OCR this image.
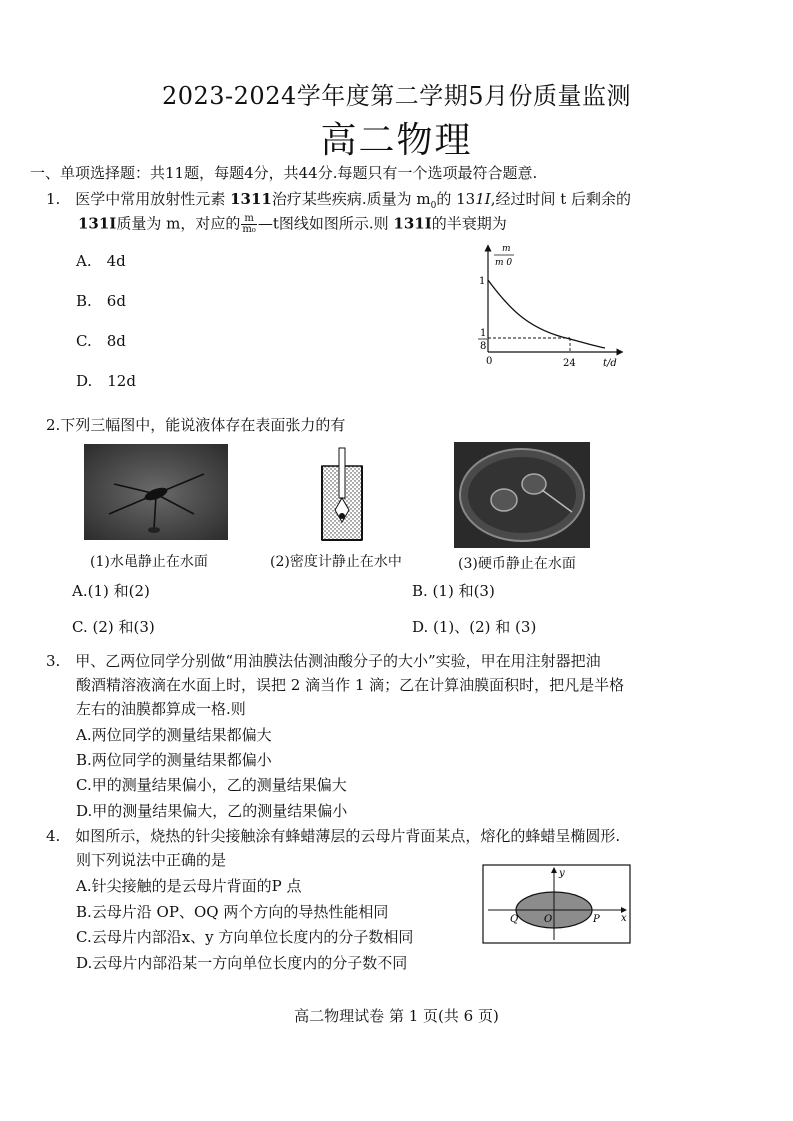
2023-2024学年度第二学期5月份质量监测
高二物理
一、单项选择题：共11题，每题4分，共44分.每题只有一个选项最符合题意.
1.　医学中常用放射性元素 1311治疗某些疾病.质量为 $m_0$的 131I,经过时间 t 后剩余的
131I质量为 m，对应的 $\frac{m}{\text{m₀}}$ —t图线如图所示.则 131I的半衰期为
A.　4d
B.　6d
C.　8d
D.　12d
m
m 0
1
1
8
0	24	t/d
2.下列三幅图中，能说液体存在表面张力的有
(1)水黾静止在水面	(2)密度计静止在水中	(3)硬币静止在水面
A.(1) 和(2)	B. (1) 和(3)
C. (2) 和(3)	D. (1)、(2) 和 (3)
3.　甲、乙两位同学分别做“用油膜法估测油酸分子的大小”实验，甲在用注射器把油
酸酒精溶液滴在水面上时，误把 2 滴当作 1 滴；乙在计算油膜面积时，把凡是半格
左右的油膜都算成一格.则
A.两位同学的测量结果都偏大
B.两位同学的测量结果都偏小
C.甲的测量结果偏小，乙的测量结果偏大
D.甲的测量结果偏大，乙的测量结果偏小
4.　如图所示，烧热的针尖接触涂有蜂蜡薄层的云母片背面某点，熔化的蜂蜡呈椭圆形.
则下列说法中正确的是
A.针尖接触的是云母片背面的P 点
B.云母片沿 OP、OQ 两个方向的导热性能相同
C.云母片内部沿x、y 方向单位长度内的分子数相同
D.云母片内部沿某一方向单位长度内的分子数不同
y
x
Q	O	P
高二物理试卷 第 1 页(共 6 页)
